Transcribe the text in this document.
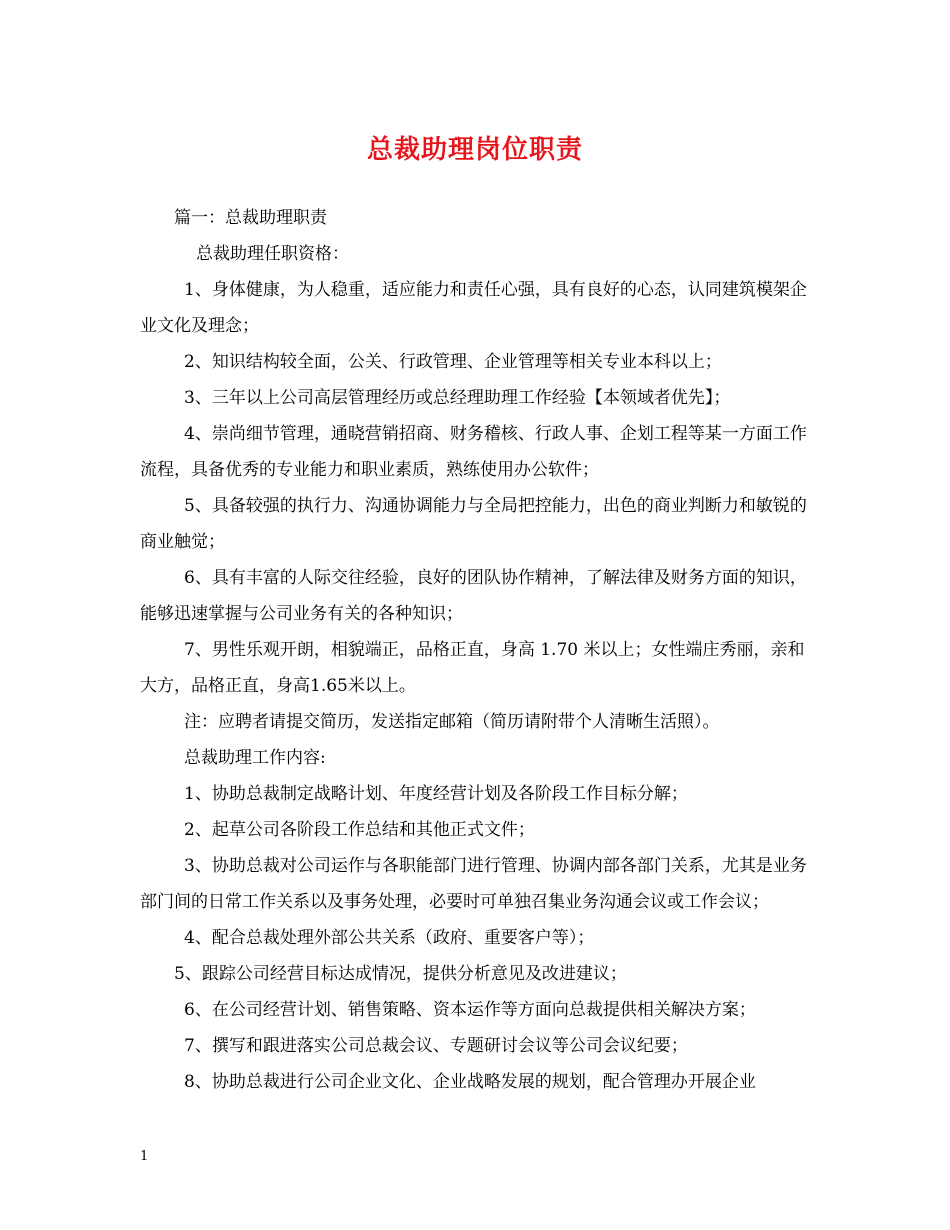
总裁助理岗位职责

篇一：总裁助理职责

总裁助理任职资格：

1、身体健康，为人稳重，适应能力和责任心强，具有良好的心态，认同建筑模架企业文化及理念；

2、知识结构较全面，公关、行政管理、企业管理等相关专业本科以上；

3、三年以上公司高层管理经历或总经理助理工作经验【本领域者优先】；

4、崇尚细节管理，通晓营销招商、财务稽核、行政人事、企划工程等某一方面工作流程，具备优秀的专业能力和职业素质，熟练使用办公软件；

5、具备较强的执行力、沟通协调能力与全局把控能力，出色的商业判断力和敏锐的商业触觉；

6、具有丰富的人际交往经验，良好的团队协作精神，了解法律及财务方面的知识，能够迅速掌握与公司业务有关的各种知识；

7、男性乐观开朗，相貌端正，品格正直，身高 1.70 米以上；女性端庄秀丽，亲和大方，品格正直，身高1.65米以上。

注：应聘者请提交简历，发送指定邮箱（简历请附带个人清晰生活照）。

总裁助理工作内容:

1、协助总裁制定战略计划、年度经营计划及各阶段工作目标分解；

2、起草公司各阶段工作总结和其他正式文件；

3、协助总裁对公司运作与各职能部门进行管理、协调内部各部门关系，尤其是业务部门间的日常工作关系以及事务处理，必要时可单独召集业务沟通会议或工作会议；

4、配合总裁处理外部公共关系（政府、重要客户等）；

5、跟踪公司经营目标达成情况，提供分析意见及改进建议；

6、在公司经营计划、销售策略、资本运作等方面向总裁提供相关解决方案；

7、撰写和跟进落实公司总裁会议、专题研讨会议等公司会议纪要；

8、协助总裁进行公司企业文化、企业战略发展的规划，配合管理办开展企业

1
